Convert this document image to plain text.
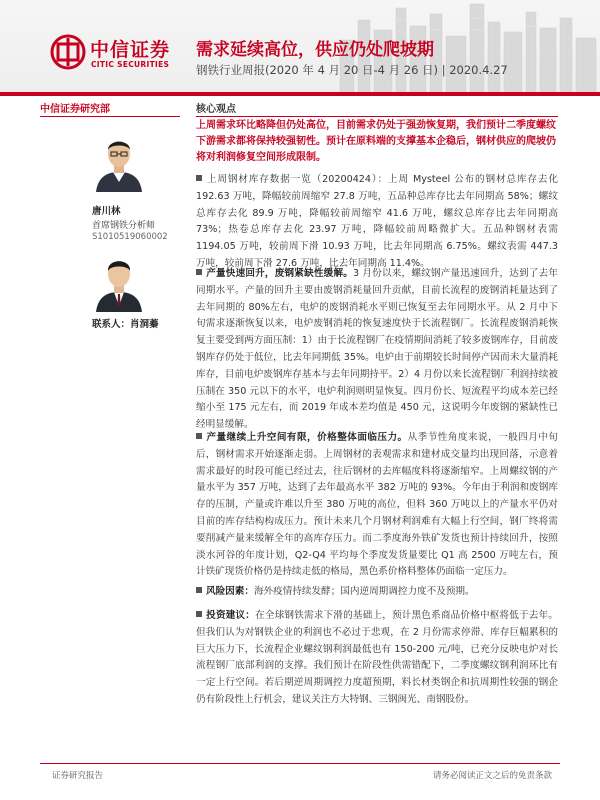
中信证券
CITIC SECURITIES
需求延续高位，供应仍处爬坡期
钢铁行业周报(2020 年 4 月 20 日-4 月 26 日) | 2020.4.27
中信证券研究部
唐川林
首席钢铁分析师
S1010519060002
联系人：肖洞蓁
核心观点
上周需求环比略降但仍处高位，目前需求仍处于强劲恢复期，我们预计二季度螺纹下游需求都将保持较强韧性。预计在原料端的支撑基本企稳后，钢材供应的爬坡仍将对利润修复空间形成限制。
上周钢材库存数据一览（20200424）：上周 Mysteel 公布的钢材总库存去化 192.63 万吨，降幅较前周缩窄 27.8 万吨，五品种总库存比去年同期高 58%；螺纹总库存去化 89.9 万吨，降幅较前周缩窄 41.6 万吨，螺纹总库存比去年同期高 73%；热卷总库存去化 23.97 万吨，降幅较前周略微扩大。五品种钢材表需 1194.05 万吨，较前周下滑 10.93 万吨，比去年同期高 6.75%。螺纹表需 447.3 万吨，较前周下滑 27.6 万吨，比去年同期高 11.4%。
产量快速回升，废钢紧缺性缓解。3 月份以来，螺纹钢产量迅速回升，达到了去年同期水平。产量的回升主要由废钢消耗量回升贡献，目前长流程的废钢消耗量达到了去年同期的 80%左右，电炉的废钢消耗水平则已恢复至去年同期水平。从 2 月中下旬需求逐渐恢复以来，电炉废钢消耗的恢复速度快于长流程钢厂。长流程废钢消耗恢复主要受到两方面压制：1）由于长流程钢厂在疫情期间消耗了较多废钢库存，目前废钢库存仍处于低位，比去年同期低 35%。电炉由于前期较长时间停产因而未大量消耗库存，目前电炉废钢库存基本与去年同期持平。2）4 月份以来长流程钢厂利润持续被压制在 350 元以下的水平，电炉利润则明显恢复。四月份长、短流程平均成本差已经缩小至 175 元左右，而 2019 年成本差均值是 450 元，这说明今年废钢的紧缺性已经明显缓解。
产量继续上升空间有限，价格整体面临压力。从季节性角度来说，一般四月中旬后，钢材需求开始逐渐走弱。上周钢材的表观需求和建材成交量均出现回落，示意着需求最好的时段可能已经过去，往后钢材的去库幅度料将逐渐缩窄。上周螺纹钢的产量水平为 357 万吨，达到了去年最高水平 382 万吨的 93%。今年由于利润和废钢库存的压制，产量或许难以升至 380 万吨的高位，但料 360 万吨以上的产量水平仍对目前的库存结构构成压力。预计未来几个月钢材利润难有大幅上行空间，钢厂终将需要削减产量来缓解全年的高库存压力。而二季度海外铁矿发货也预计持续回升，按照淡水河谷的年度计划，Q2-Q4 平均每个季度发货量要比 Q1 高 2500 万吨左右，预计铁矿现货价格仍是持续走低的格局，黑色系价格料整体仍面临一定压力。
风险因素：海外疫情持续发酵；国内逆周期调控力度不及预期。
投资建议：在全球钢铁需求下滑的基础上，预计黑色系商品价格中枢将低于去年。但我们认为对钢铁企业的利润也不必过于悲观，在 2 月份需求停滞、库存巨幅累积的巨大压力下，长流程企业螺纹钢利润最低也有 150-200 元/吨，已充分反映电炉对长流程钢厂底部利润的支撑。我们预计在阶段性供需错配下，二季度螺纹钢利润环比有一定上行空间。若后期逆周期调控力度超预期，料长材类钢企和抗周期性较强的钢企仍有阶段性上行机会，建议关注方大特钢、三钢闽光、南钢股份。
证券研究报告	请务必阅读正文之后的免责条款
